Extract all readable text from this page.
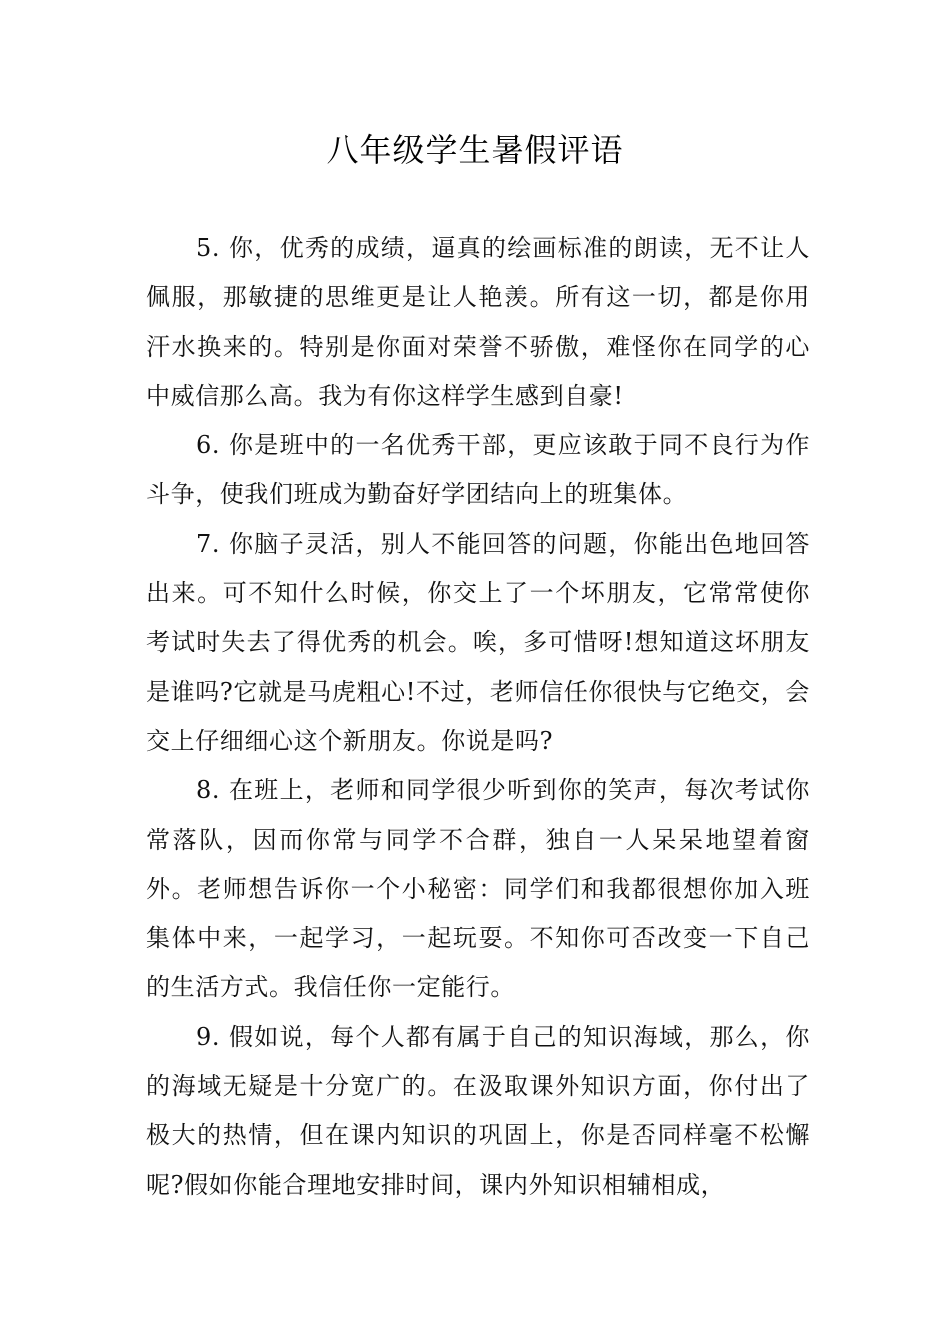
八年级学生暑假评语

5. 你，优秀的成绩，逼真的绘画标准的朗读，无不让人佩服，那敏捷的思维更是让人艳羡。所有这一切，都是你用汗水换来的。特别是你面对荣誉不骄傲，难怪你在同学的心中威信那么高。我为有你这样学生感到自豪!

6. 你是班中的一名优秀干部，更应该敢于同不良行为作斗争，使我们班成为勤奋好学团结向上的班集体。

7. 你脑子灵活，别人不能回答的问题，你能出色地回答出来。可不知什么时候，你交上了一个坏朋友，它常常使你考试时失去了得优秀的机会。唉，多可惜呀!想知道这坏朋友是谁吗?它就是马虎粗心!不过，老师信任你很快与它绝交，会交上仔细细心这个新朋友。你说是吗?

8. 在班上，老师和同学很少听到你的笑声，每次考试你常落队，因而你常与同学不合群，独自一人呆呆地望着窗外。老师想告诉你一个小秘密：同学们和我都很想你加入班集体中来，一起学习，一起玩耍。不知你可否改变一下自己的生活方式。我信任你一定能行。

9. 假如说，每个人都有属于自己的知识海域，那么，你的海域无疑是十分宽广的。在汲取课外知识方面，你付出了极大的热情，但在课内知识的巩固上，你是否同样毫不松懈呢?假如你能合理地安排时间，课内外知识相辅相成，
